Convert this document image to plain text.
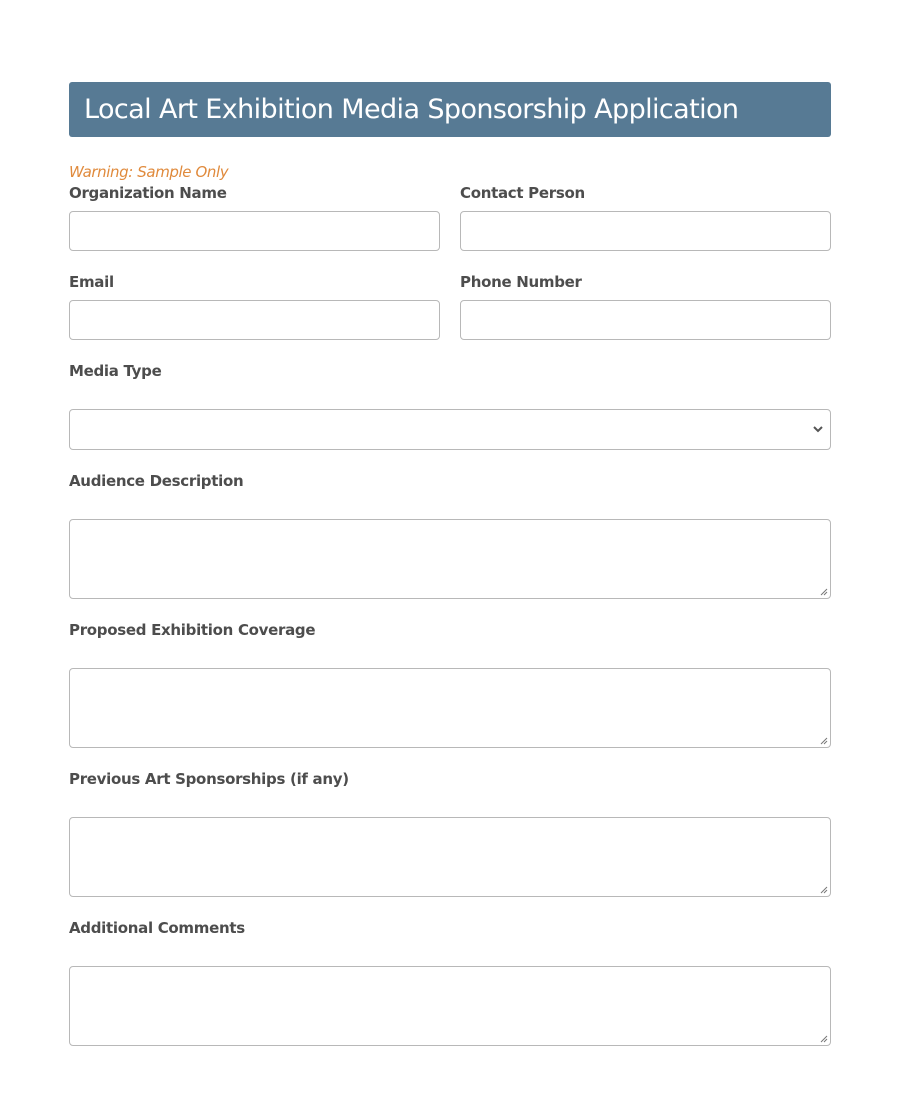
Local Art Exhibition Media Sponsorship Application
Warning: Sample Only
Organization Name	Contact Person
Email	Phone Number
Media Type
Audience Description
Proposed Exhibition Coverage
Previous Art Sponsorships (if any)
Additional Comments
